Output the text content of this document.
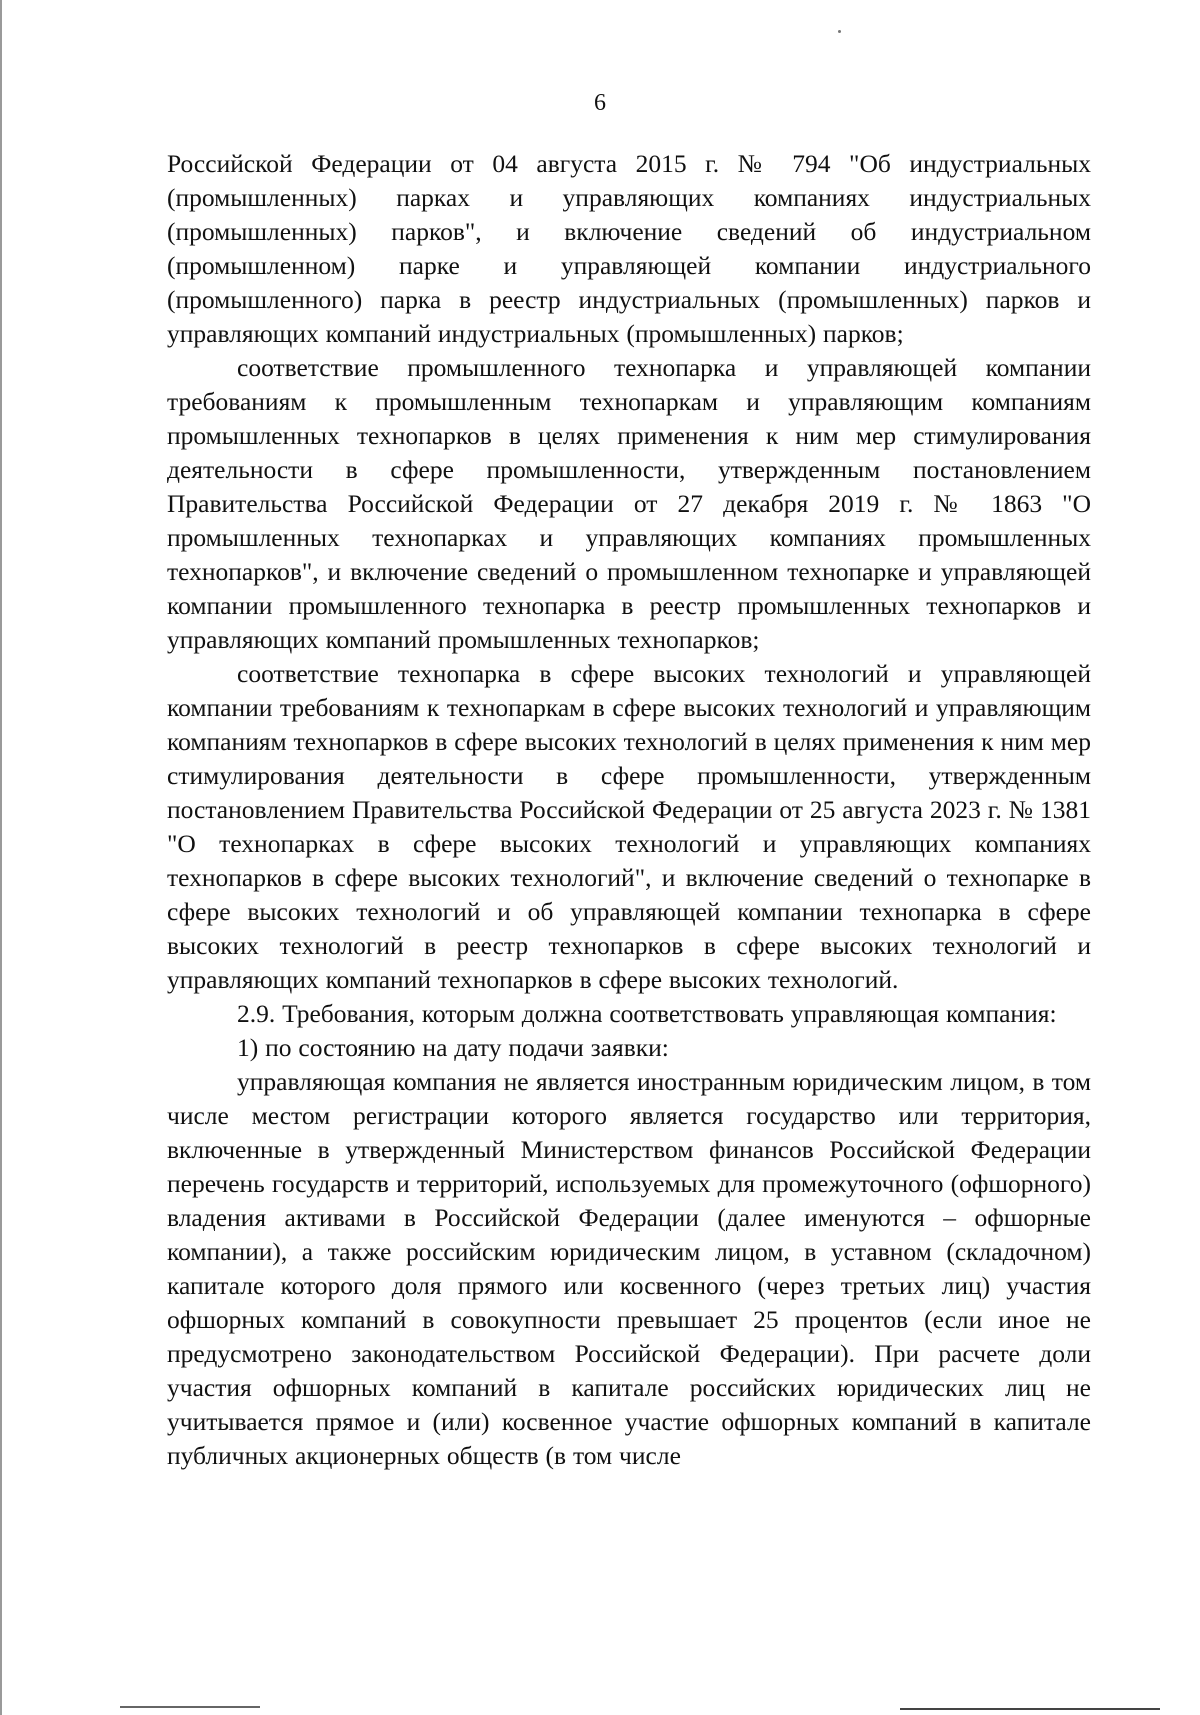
6

Российской Федерации от 04 августа 2015 г. № 794 "Об индустриальных (промышленных) парках и управляющих компаниях индустриальных (промышленных) парков", и включение сведений об индустриальном (промышленном) парке и управляющей компании индустриального (промышленного) парка в реестр индустриальных (промышленных) парков и управляющих компаний индустриальных (промышленных) парков;

соответствие промышленного технопарка и управляющей компании требованиям к промышленным технопаркам и управляющим компаниям промышленных технопарков в целях применения к ним мер стимулирования деятельности в сфере промышленности, утвержденным постановлением Правительства Российской Федерации от 27 декабря 2019 г. № 1863 "О промышленных технопарках и управляющих компаниях промышленных технопарков", и включение сведений о промышленном технопарке и управляющей компании промышленного технопарка в реестр промышленных технопарков и управляющих компаний промышленных технопарков;

соответствие технопарка в сфере высоких технологий и управляющей компании требованиям к технопаркам в сфере высоких технологий и управляющим компаниям технопарков в сфере высоких технологий в целях применения к ним мер стимулирования деятельности в сфере промышленности, утвержденным постановлением Правительства Российской Федерации от 25 августа 2023 г. № 1381 "О технопарках в сфере высоких технологий и управляющих компаниях технопарков в сфере высоких технологий", и включение сведений о технопарке в сфере высоких технологий и об управляющей компании технопарка в сфере высоких технологий в реестр технопарков в сфере высоких технологий и управляющих компаний технопарков в сфере высоких технологий.

2.9. Требования, которым должна соответствовать управляющая компания:

1) по состоянию на дату подачи заявки:

управляющая компания не является иностранным юридическим лицом, в том числе местом регистрации которого является государство или территория, включенные в утвержденный Министерством финансов Российской Федерации перечень государств и территорий, используемых для промежуточного (офшорного) владения активами в Российской Федерации (далее именуются – офшорные компании), а также российским юридическим лицом, в уставном (складочном) капитале которого доля прямого или косвенного (через третьих лиц) участия офшорных компаний в совокупности превышает 25 процентов (если иное не предусмотрено законодательством Российской Федерации). При расчете доли участия офшорных компаний в капитале российских юридических лиц не учитывается прямое и (или) косвенное участие офшорных компаний в капитале публичных акционерных обществ (в том числе
